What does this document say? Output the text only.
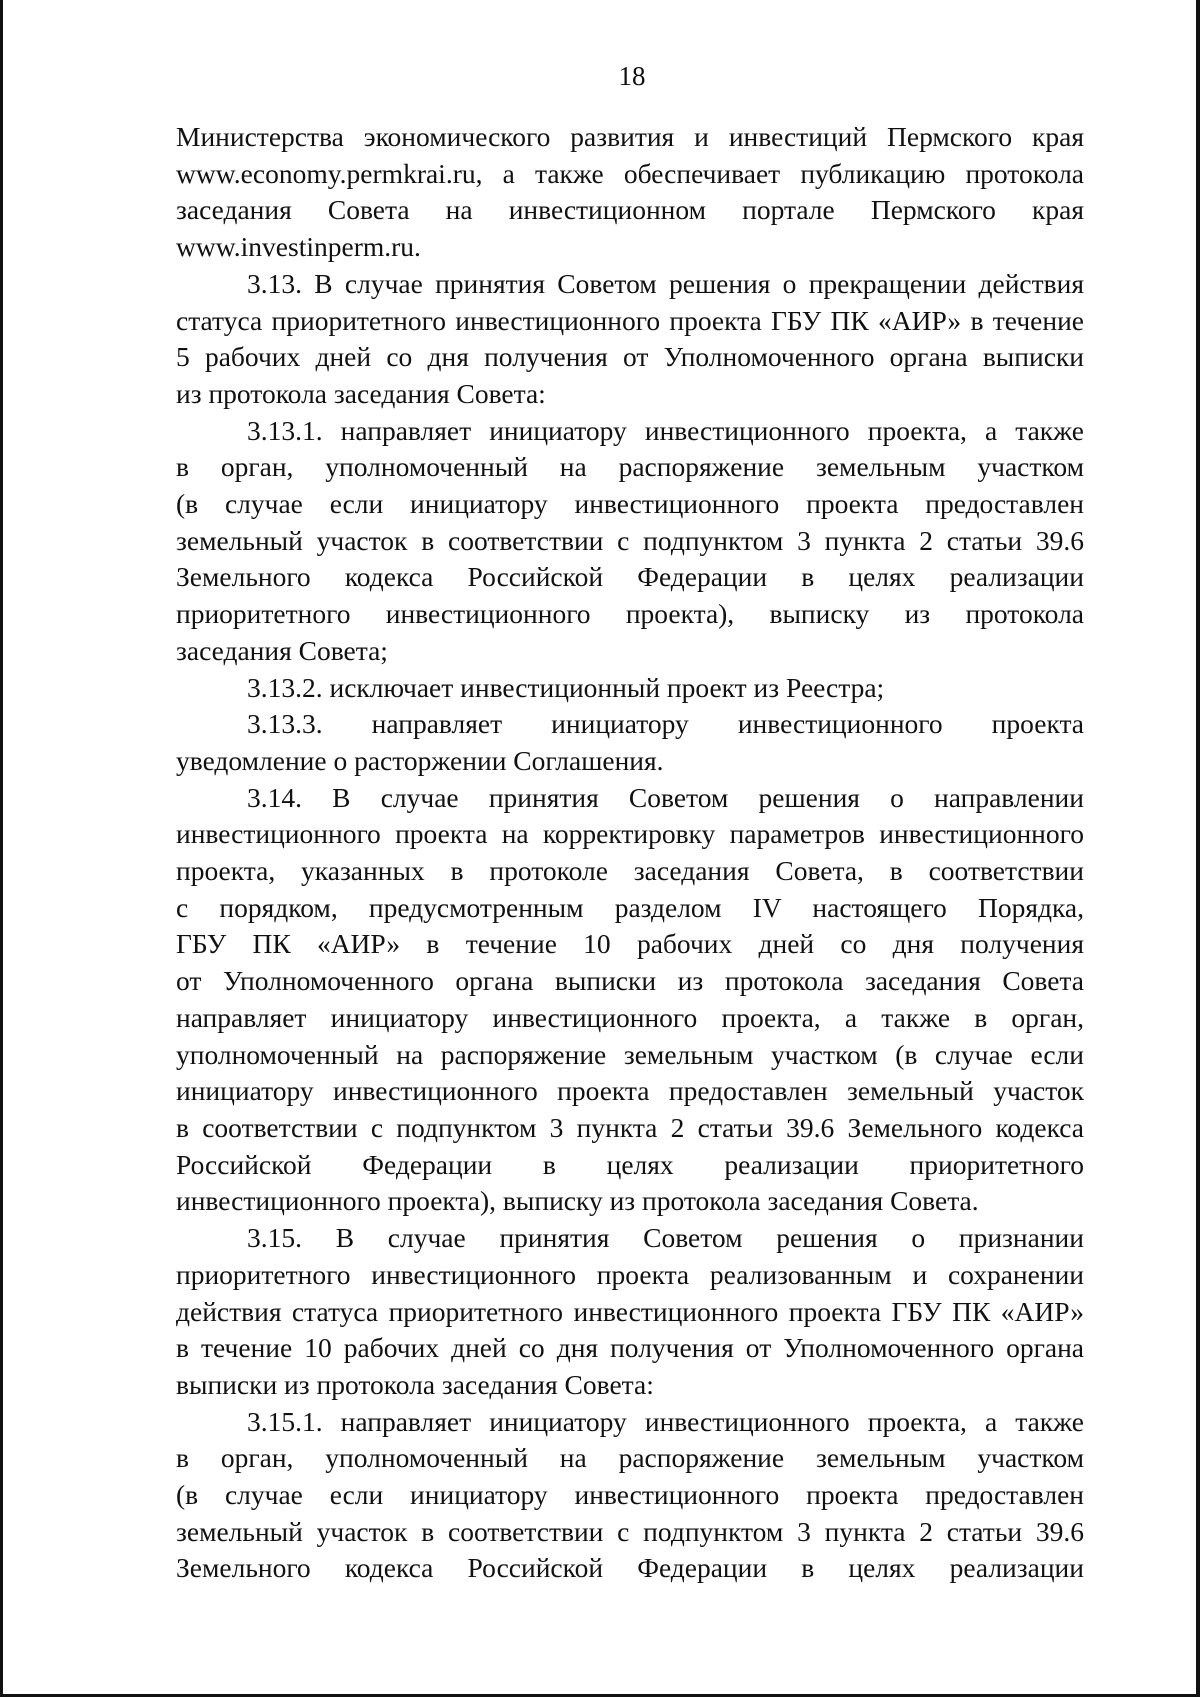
18
Министерства экономического развития и инвестиций Пермского края
www.economy.permkrai.ru, а также обеспечивает публикацию протокола
заседания Совета на инвестиционном портале Пермского края
www.investinperm.ru.
3.13. В случае принятия Советом решения о прекращении действия
статуса приоритетного инвестиционного проекта ГБУ ПК «АИР» в течение
5 рабочих дней со дня получения от Уполномоченного органа выписки
из протокола заседания Совета:
3.13.1. направляет инициатору инвестиционного проекта, а также
в орган, уполномоченный на распоряжение земельным участком
(в случае если инициатору инвестиционного проекта предоставлен
земельный участок в соответствии с подпунктом 3 пункта 2 статьи 39.6
Земельного кодекса Российской Федерации в целях реализации
приоритетного инвестиционного проекта), выписку из протокола
заседания Совета;
3.13.2. исключает инвестиционный проект из Реестра;
3.13.3. направляет инициатору инвестиционного проекта
уведомление о расторжении Соглашения.
3.14. В случае принятия Советом решения о направлении
инвестиционного проекта на корректировку параметров инвестиционного
проекта, указанных в протоколе заседания Совета, в соответствии
с порядком, предусмотренным разделом IV настоящего Порядка,
ГБУ ПК «АИР» в течение 10 рабочих дней со дня получения
от Уполномоченного органа выписки из протокола заседания Совета
направляет инициатору инвестиционного проекта, а также в орган,
уполномоченный на распоряжение земельным участком (в случае если
инициатору инвестиционного проекта предоставлен земельный участок
в соответствии с подпунктом 3 пункта 2 статьи 39.6 Земельного кодекса
Российской Федерации в целях реализации приоритетного
инвестиционного проекта), выписку из протокола заседания Совета.
3.15. В случае принятия Советом решения о признании
приоритетного инвестиционного проекта реализованным и сохранении
действия статуса приоритетного инвестиционного проекта ГБУ ПК «АИР»
в течение 10 рабочих дней со дня получения от Уполномоченного органа
выписки из протокола заседания Совета:
3.15.1. направляет инициатору инвестиционного проекта, а также
в орган, уполномоченный на распоряжение земельным участком
(в случае если инициатору инвестиционного проекта предоставлен
земельный участок в соответствии с подпунктом 3 пункта 2 статьи 39.6
Земельного кодекса Российской Федерации в целях реализации
